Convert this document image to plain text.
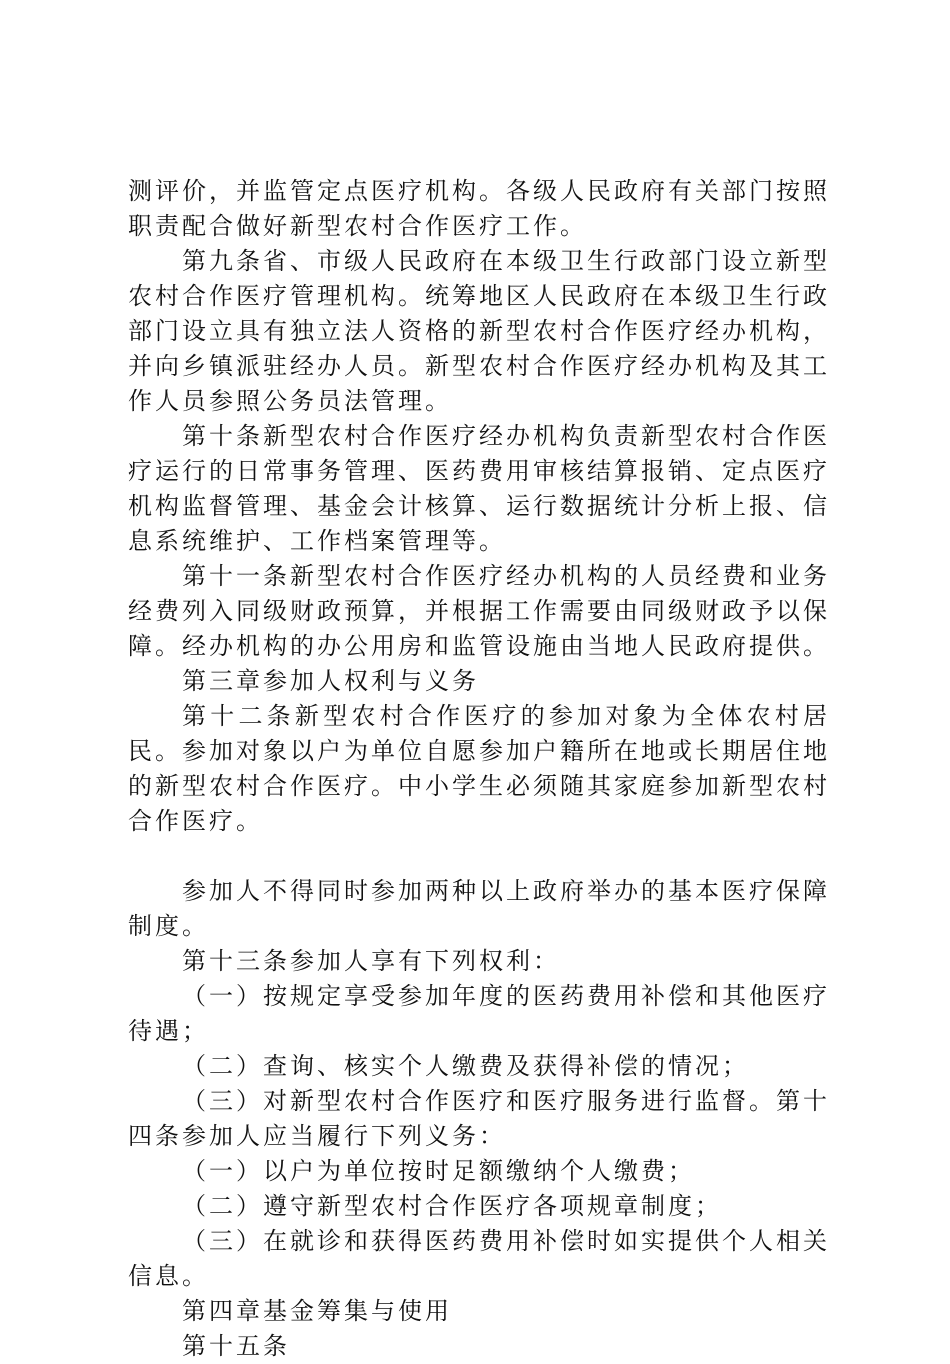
测评价，并监管定点医疗机构。各级人民政府有关部门按照职责配合做好新型农村合作医疗工作。

第九条省、市级人民政府在本级卫生行政部门设立新型农村合作医疗管理机构。统筹地区人民政府在本级卫生行政部门设立具有独立法人资格的新型农村合作医疗经办机构，并向乡镇派驻经办人员。新型农村合作医疗经办机构及其工作人员参照公务员法管理。

第十条新型农村合作医疗经办机构负责新型农村合作医疗运行的日常事务管理、医药费用审核结算报销、定点医疗机构监督管理、基金会计核算、运行数据统计分析上报、信息系统维护、工作档案管理等。

第十一条新型农村合作医疗经办机构的人员经费和业务经费列入同级财政预算，并根据工作需要由同级财政予以保障。经办机构的办公用房和监管设施由当地人民政府提供。

第三章参加人权利与义务

第十二条新型农村合作医疗的参加对象为全体农村居民。参加对象以户为单位自愿参加户籍所在地或长期居住地的新型农村合作医疗。中小学生必须随其家庭参加新型农村合作医疗。

参加人不得同时参加两种以上政府举办的基本医疗保障制度。

第十三条参加人享有下列权利：

（一）按规定享受参加年度的医药费用补偿和其他医疗待遇；

（二）查询、核实个人缴费及获得补偿的情况；

（三）对新型农村合作医疗和医疗服务进行监督。第十四条参加人应当履行下列义务：

（一）以户为单位按时足额缴纳个人缴费；

（二）遵守新型农村合作医疗各项规章制度；

（三）在就诊和获得医药费用补偿时如实提供个人相关信息。

第四章基金筹集与使用

第十五条
